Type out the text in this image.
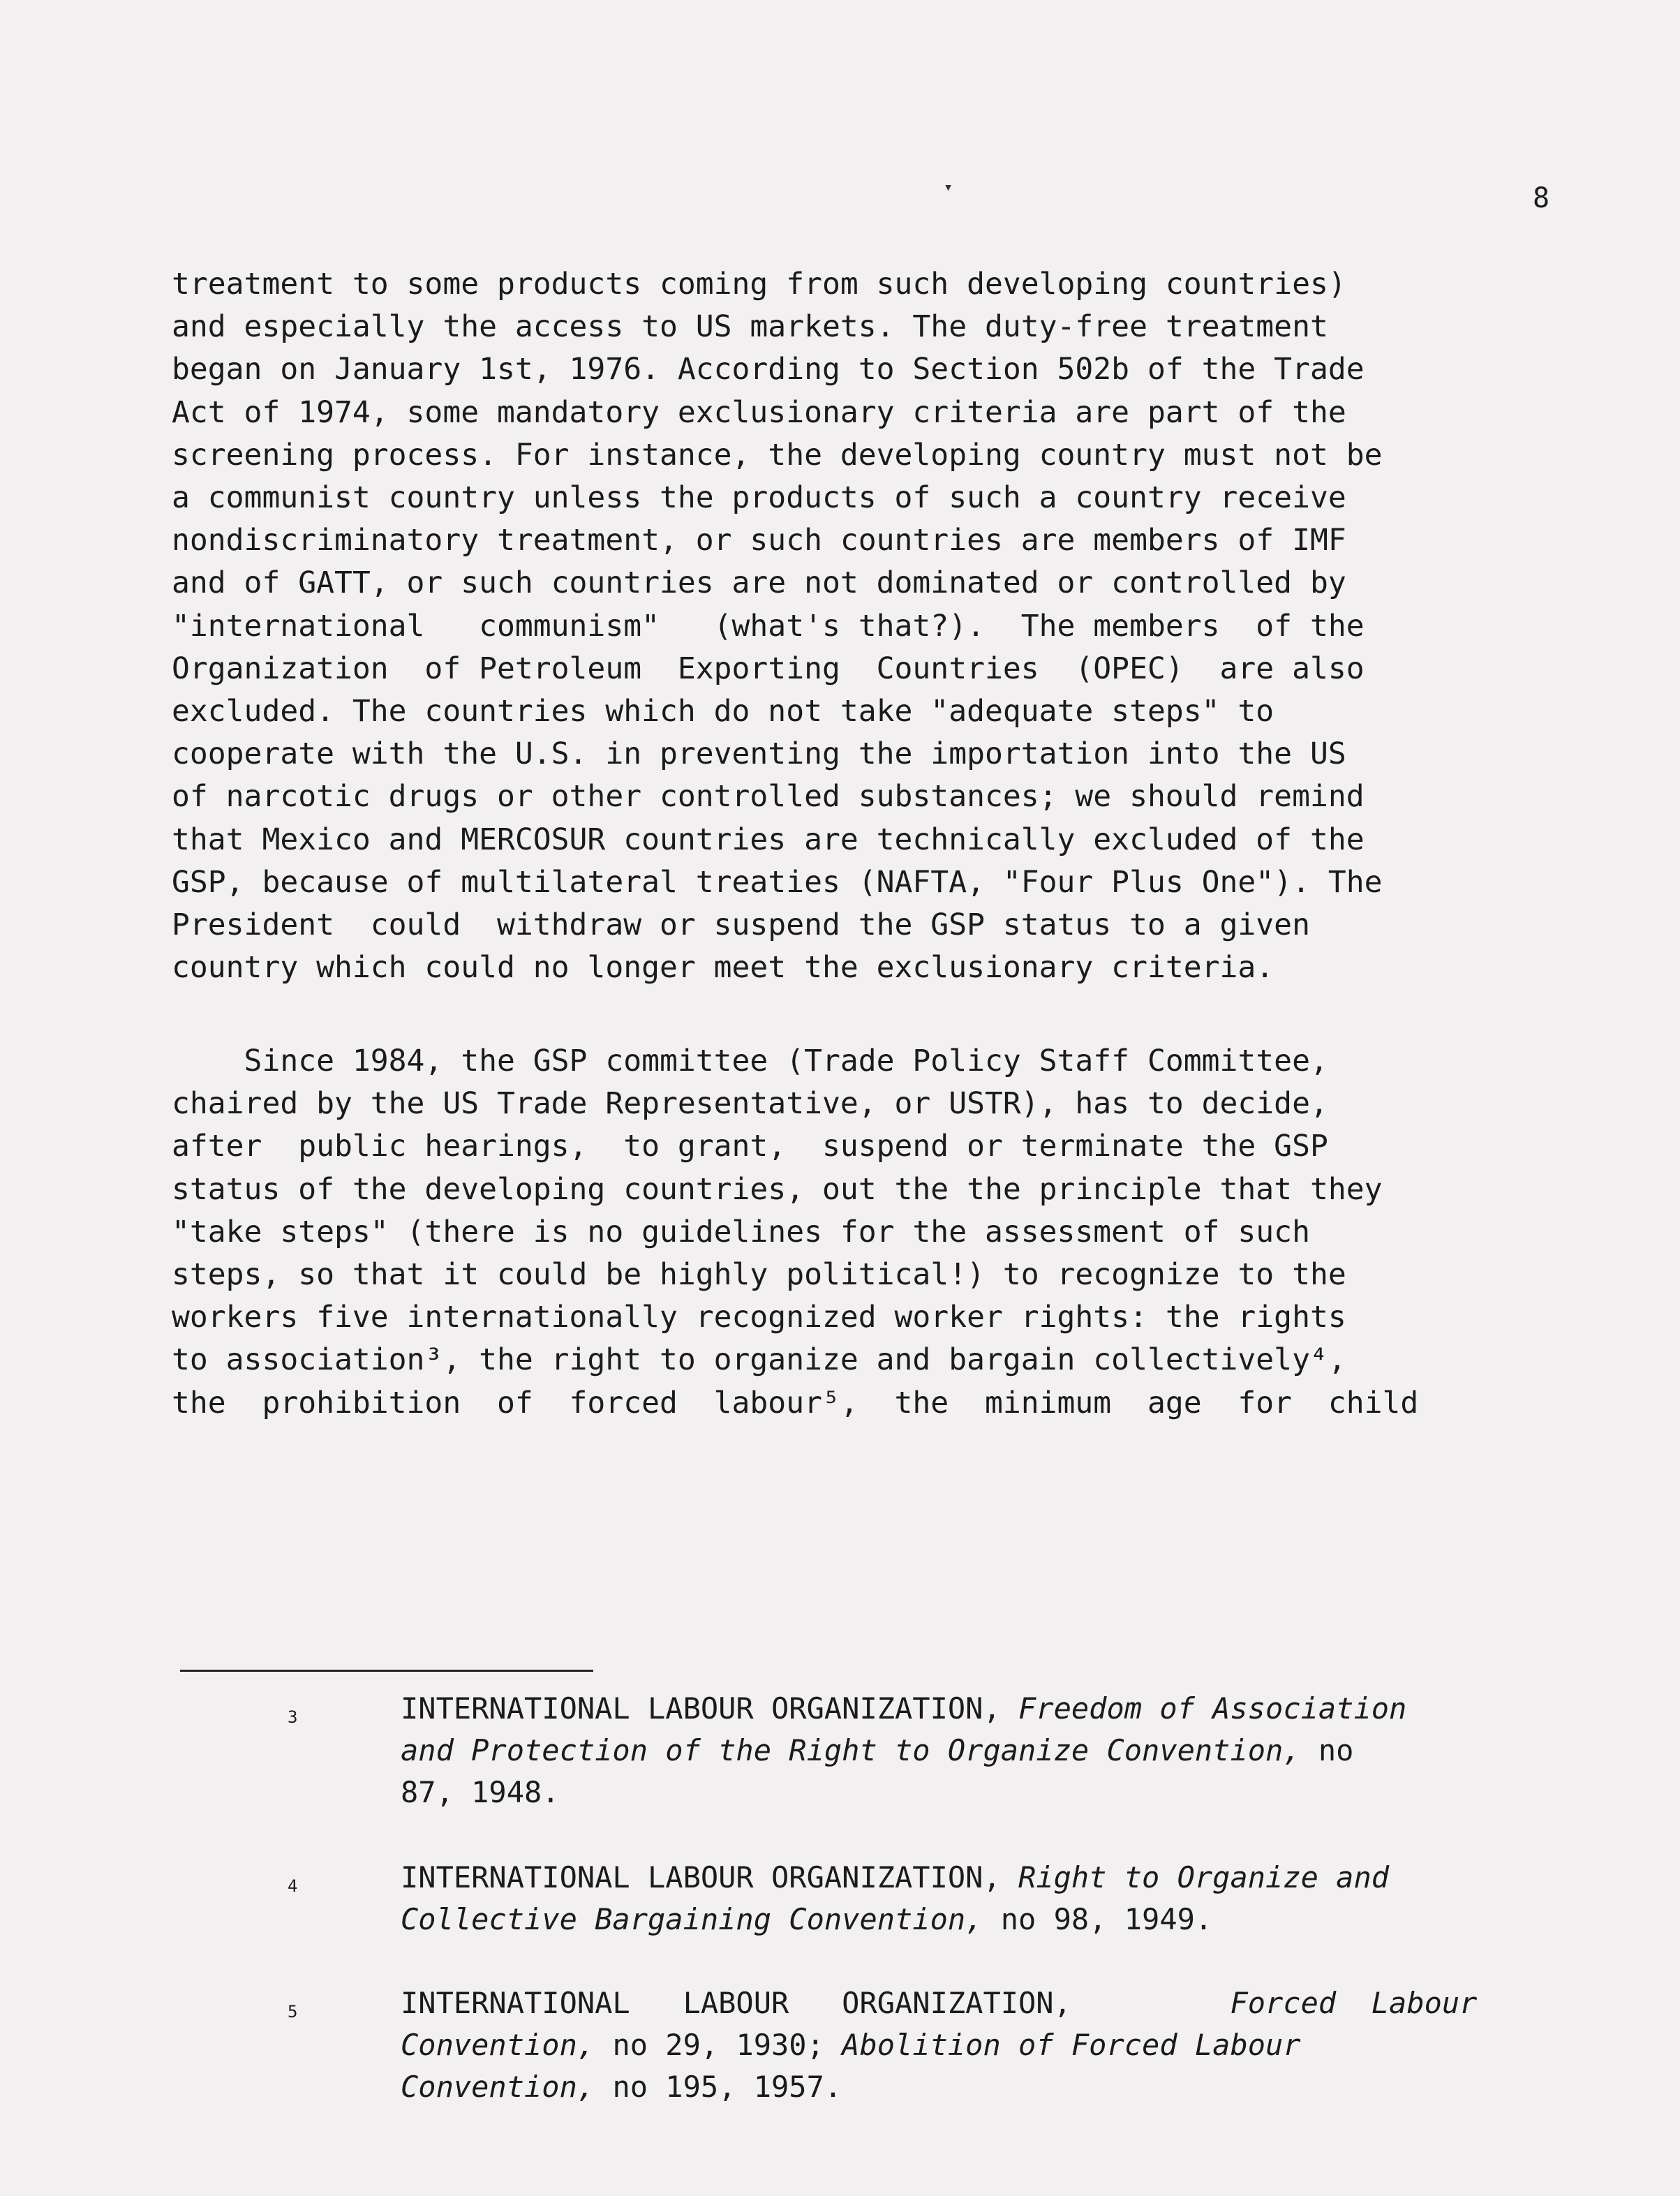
▾	8
treatment to some products coming from such developing countries)
and especially the access to US markets. The duty-free treatment
began on January 1st, 1976. According to Section 502b of the Trade
Act of 1974, some mandatory exclusionary criteria are part of the
screening process. For instance, the developing country must not be
a communist country unless the products of such a country receive
nondiscriminatory treatment, or such countries are members of IMF
and of GATT, or such countries are not dominated or controlled by
"international   communism"   (what's that?).  The members  of the
Organization  of Petroleum  Exporting  Countries  (OPEC)  are also
excluded. The countries which do not take "adequate steps" to
cooperate with the U.S. in preventing the importation into the US
of narcotic drugs or other controlled substances; we should remind
that Mexico and MERCOSUR countries are technically excluded of the
GSP, because of multilateral treaties (NAFTA, "Four Plus One"). The
President  could  withdraw or suspend the GSP status to a given
country which could no longer meet the exclusionary criteria.
Since 1984, the GSP committee (Trade Policy Staff Committee,
chaired by the US Trade Representative, or USTR), has to decide,
after  public hearings,  to grant,  suspend or terminate the GSP
status of the developing countries, out the the principle that they
"take steps" (there is no guidelines for the assessment of such
steps, so that it could be highly political!) to recognize to the
workers five internationally recognized worker rights: the rights
to association³, the right to organize and bargain collectively⁴,
the  prohibition  of  forced  labour⁵,  the  minimum  age  for  child
3	INTERNATIONAL LABOUR ORGANIZATION, Freedom of Association
and Protection of the Right to Organize Convention, no
87, 1948.
4	INTERNATIONAL LABOUR ORGANIZATION, Right to Organize and
Collective Bargaining Convention, no 98, 1949.
5	INTERNATIONAL   LABOUR   ORGANIZATION,	Forced  Labour
Convention, no 29, 1930; Abolition of Forced Labour
Convention, no 195, 1957.
